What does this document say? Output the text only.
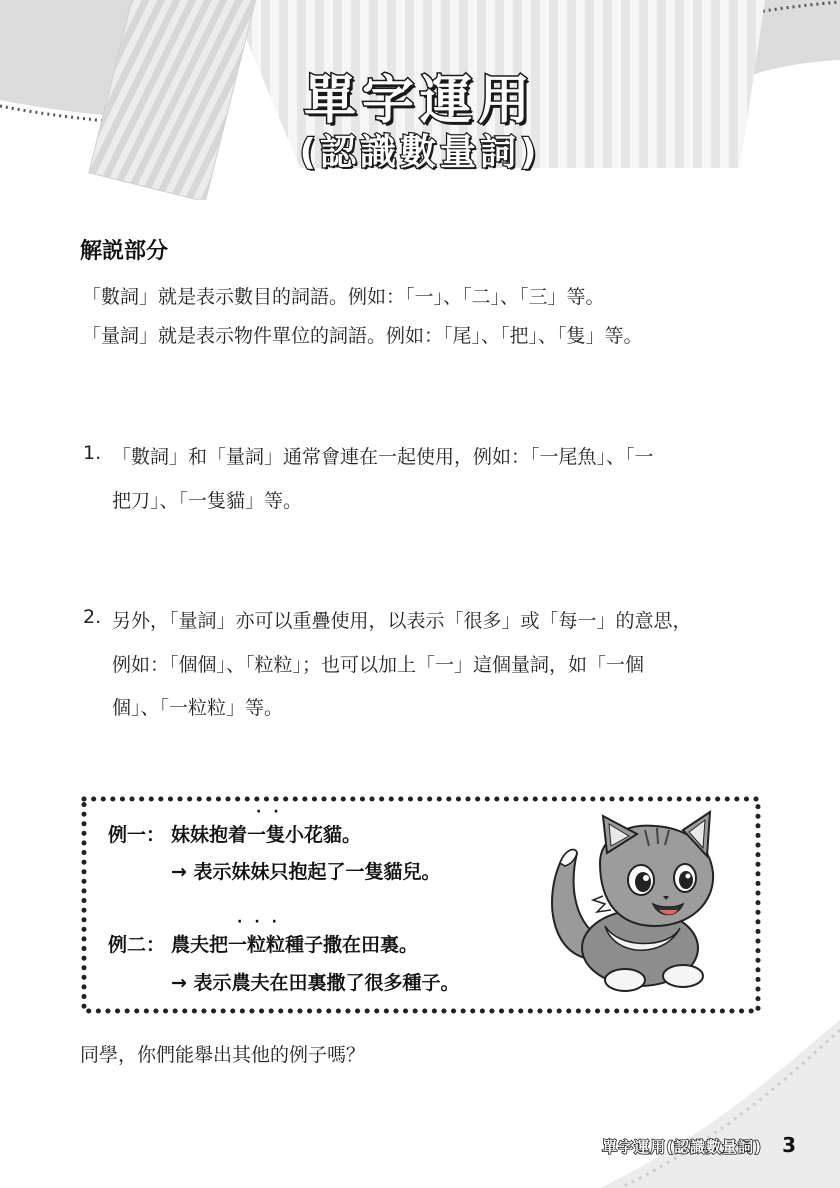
單字運用
(認識數量詞)
解説部分
「數詞」就是表示數目的詞語。例如：「一」、「二」、「三」等。
「量詞」就是表示物件單位的詞語。例如：「尾」、「把」、「隻」等。
1. 「數詞」和「量詞」通常會連在一起使用，例如：「一尾魚」、「一
把刀」、「一隻貓」等。
2. 另外，「量詞」亦可以重疊使用，以表示「很多」或「每一」的意思，
例如：「個個」、「粒粒」；也可以加上「一」這個量詞，如「一個
個」、「一粒粒」等。
··
例一： 妹妹抱着一隻小花貓。
→ 表示妹妹只抱起了一隻貓兒。
···
例二： 農夫把一粒粒種子撒在田裏。
→ 表示農夫在田裏撒了很多種子。
同學，你們能舉出其他的例子嗎？
單字運用(認識數量詞) 3
